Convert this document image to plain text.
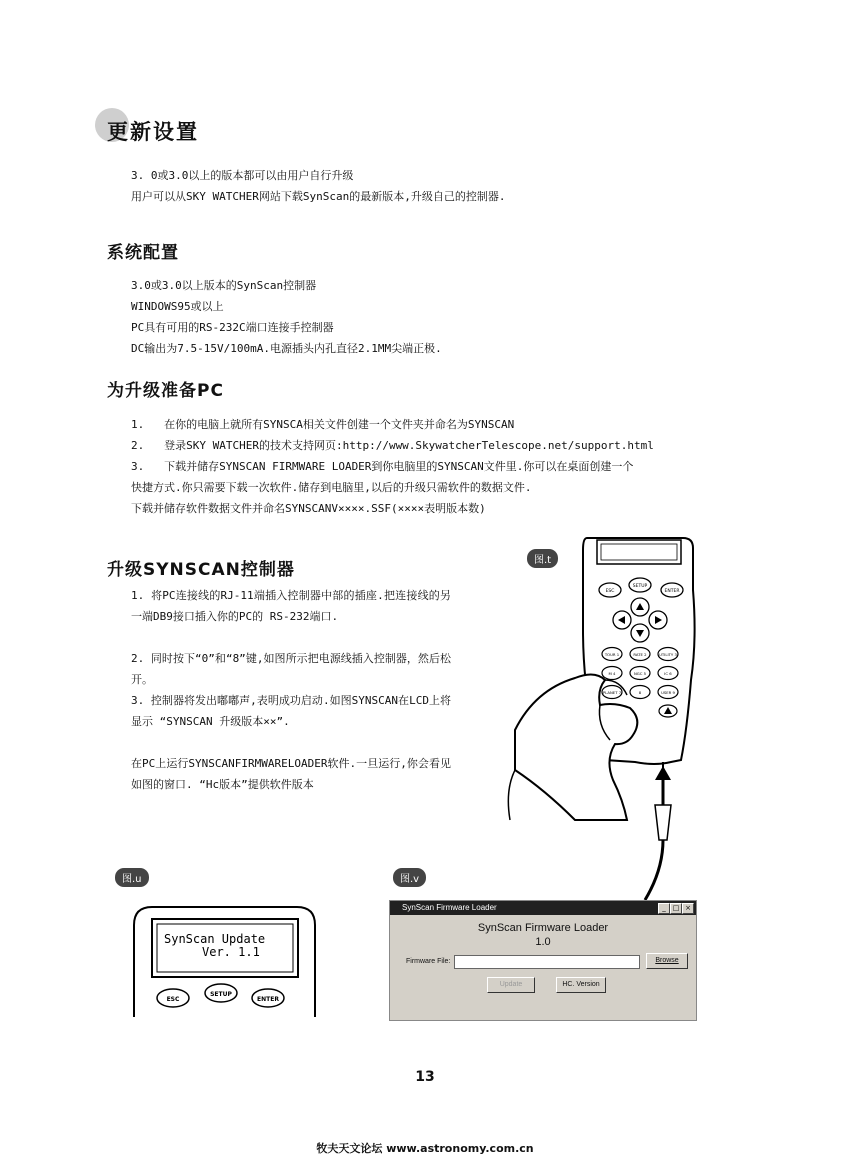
更新设置
3. 0或3.0以上的版本都可以由用户自行升级
用户可以从SKY WATCHER网站下载SynScan的最新版本,升级自己的控制器.
系统配置
3.0或3.0以上版本的SynScan控制器
WINDOWS95或以上
PC具有可用的RS-232C端口连接手控制器
DC输出为7.5-15V/100mA.电源插头内孔直径2.1MM尖端正极.
为升级准备PC
1.   在你的电脑上就所有SYNSCA相关文件创建一个文件夹并命名为SYNSCAN
2.   登录SKY WATCHER的技术支持网页:http://www.SkywatcherTelescope.net/support.html
3.   下载并储存SYNSCAN FIRMWARE LOADER到你电脑里的SYNSCAN文件里.你可以在桌面创建一个
快捷方式.你只需要下载一次软件.储存到电脑里,以后的升级只需软件的数据文件.
下载并储存软件数据文件并命名SYNSCANV××××.SSF(××××表明版本数)
升级SYNSCAN控制器
1. 将PC连接线的RJ-11端插入控制器中部的插座.把连接线的另一端DB9接口插入你的PC的 RS-232端口.
2. 同时按下“0”和“8”键,如图所示把电源线插入控制器，然后松开。
3. 控制器将发出嘟嘟声,表明成功启动.如图SYNSCAN在LCD上将显示 “SYNSCAN 升级版本××”.
在PC上运行SYNSCANFIRMWARELOADER软件.一旦运行,你会看见如图的窗口. “Hc版本”提供软件版本
图.t
ESC
SETUP
ENTER
TOUR 1	RATE 2	UTILITY 3
M 4	NGC 5	IC 6
PLANET 7	8	USER 9
图.u
SynScan Update
Ver. 1.1
ESC
SETUP
ENTER
图.v
SynScan Firmware Loader	_ □ ×
SynScan Firmware Loader
1.0
Firmware File:	Browse
Update	HC. Version
13
牧夫天文论坛 www.astronomy.com.cn
